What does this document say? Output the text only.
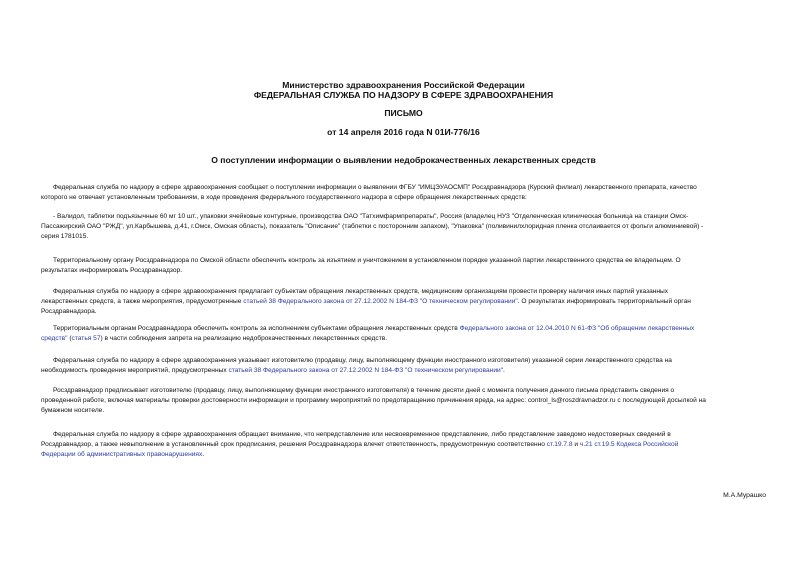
Министерство здравоохранения Российской Федерации
ФЕДЕРАЛЬНАЯ СЛУЖБА ПО НАДЗОРУ В СФЕРЕ ЗДРАВООХРАНЕНИЯ
ПИСЬМО
от 14 апреля 2016 года N 01И-776/16
О поступлении информации о выявлении недоброкачественных лекарственных средств
Федеральная служба по надзору в сфере здравоохранения сообщает о поступлении информации о выявлении ФГБУ "ИМЦЭУАОСМП" Росздравнадзора (Курский филиал) лекарственного препарата, качество
которого не отвечает установленным требованиям, в ходе проведения федерального государственного надзора в сфере обращения лекарственных средств:
- Валидол, таблетки подъязычные 60 мг 10 шт., упаковки ячейковые контурные, производства ОАО "Татхимфармпрепараты", Россия (владелец НУЗ "Отделенческая клиническая больница на станции Омск-
Пассажирский ОАО "РЖД", ул.Карбышева, д.41, г.Омск, Омская область), показатель "Описание" (таблетки с посторонним запахом), "Упаковка" (поливинилхлоридная пленка отслаивается от фольги алюминиевой) -
серия 1781015.
Территориальному органу Росздравнадзора по Омской области обеспечить контроль за изъятием и уничтожением в установленном порядке указанной партии лекарственного средства ее владельцем. О
результатах информировать Росздравнадзор.
Федеральная служба по надзору в сфере здравоохранения предлагает субъектам обращения лекарственных средств, медицинским организациям провести проверку наличия иных партий указанных
лекарственных средств, а также мероприятия, предусмотренные статьей 38 Федерального закона от 27.12.2002 N 184-ФЗ "О техническом регулировании". О результатах информировать территориальный орган
Росздравнадзора.
Территориальным органам Росздравнадзора обеспечить контроль за исполнением субъектами обращения лекарственных средств Федерального закона от 12.04.2010 N 61-ФЗ "Об обращении лекарственных
средств" (статья 57) в части соблюдения запрета на реализацию недоброкачественных лекарственных средств.
Федеральная служба по надзору в сфере здравоохранения указывает изготовителю (продавцу, лицу, выполняющему функции иностранного изготовителя) указанной серии лекарственного средства на
необходимость проведения мероприятий, предусмотренных статьей 38 Федерального закона от 27.12.2002 N 184-ФЗ "О техническом регулировании".
Росздравнадзор предписывает изготовителю (продавцу, лицу, выполняющему функции иностранного изготовителя) в течение десяти дней с момента получения данного письма представить сведения о
проведенной работе, включая материалы проверки достоверности информации и программу мероприятий по предотвращению причинения вреда, на адрес: control_ls@roszdravnadzor.ru с последующей досылкой на
бумажном носителе.
Федеральная служба по надзору в сфере здравоохранения обращает внимание, что непредставление или несвоевременное представление, либо представление заведомо недостоверных сведений в
Росздравнадзор, а также невыполнение в установленный срок предписания, решения Росздравнадзора влечет ответственность, предусмотренную соответственно ст.19.7.8 и ч.21 ст.19.5 Кодекса Российской
Федерации об административных правонарушениях.
М.А.Мурашко
